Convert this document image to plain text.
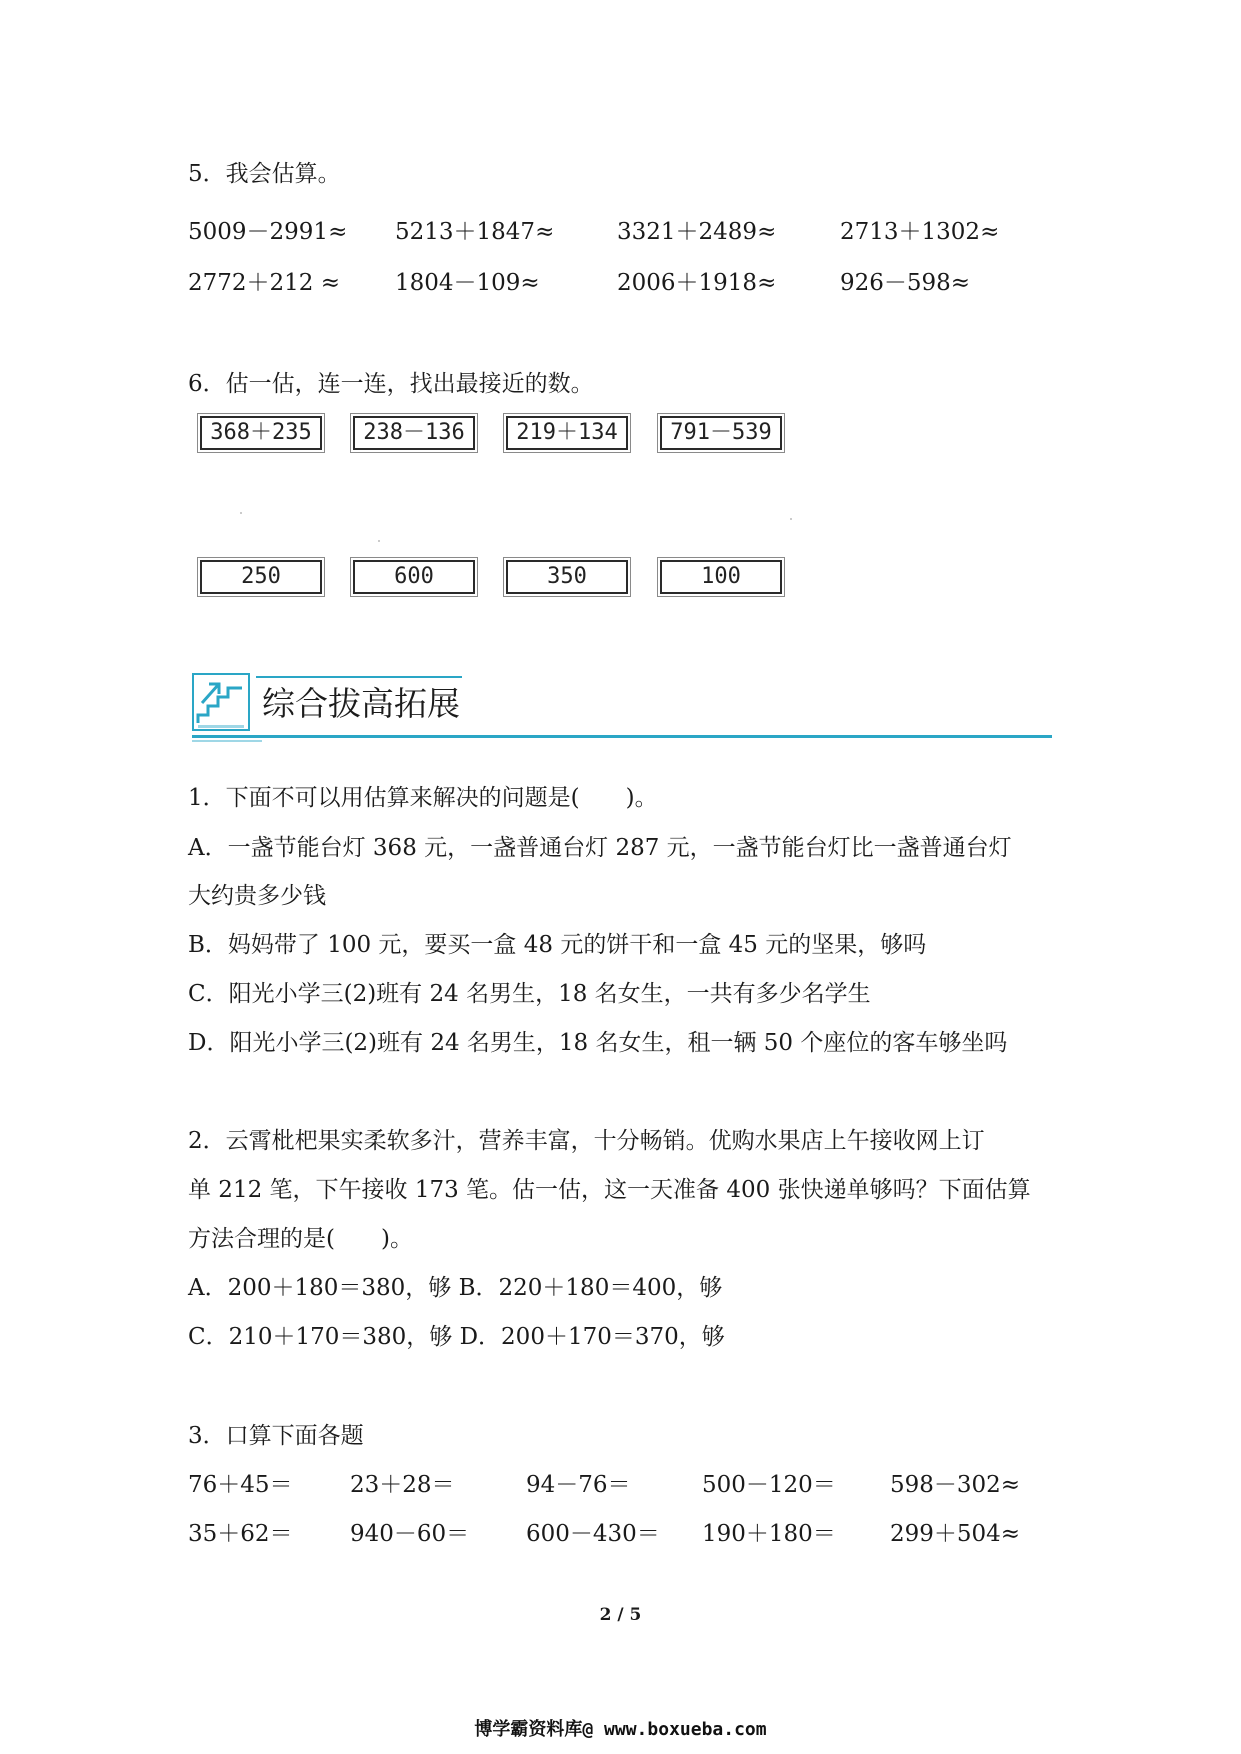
5．我会估算。
5009－2991≈ 5213＋1847≈	3321＋2489≈	2713＋1302≈
2772＋212 ≈ 1804－109≈	2006＋1918≈	926－598≈
6．估一估，连一连，找出最接近的数。
368＋235	238－136	219＋134	791－539
250	600	350	100
综合拔高拓展
1．下面不可以用估算来解决的问题是(　　)。
A．一盏节能台灯 368 元，一盏普通台灯 287 元，一盏节能台灯比一盏普通台灯
大约贵多少钱
B．妈妈带了 100 元，要买一盒 48 元的饼干和一盒 45 元的坚果，够吗
C．阳光小学三(2)班有 24 名男生，18 名女生，一共有多少名学生
D．阳光小学三(2)班有 24 名男生，18 名女生，租一辆 50 个座位的客车够坐吗
2．云霄枇杷果实柔软多汁，营养丰富，十分畅销。优购水果店上午接收网上订
单 212 笔，下午接收 173 笔。估一估，这一天准备 400 张快递单够吗？下面估算
方法合理的是(　　)。
A．200＋180＝380，够 B．220＋180＝400，够
C．210＋170＝380，够 D．200＋170＝370，够
3．口算下面各题
76＋45＝ 23＋28＝	94－76＝	500－120＝ 598－302≈
35＋62＝ 940－60＝ 600－430＝ 190＋180＝ 299＋504≈
2 / 5
博学霸资料库@ www.boxueba.com
